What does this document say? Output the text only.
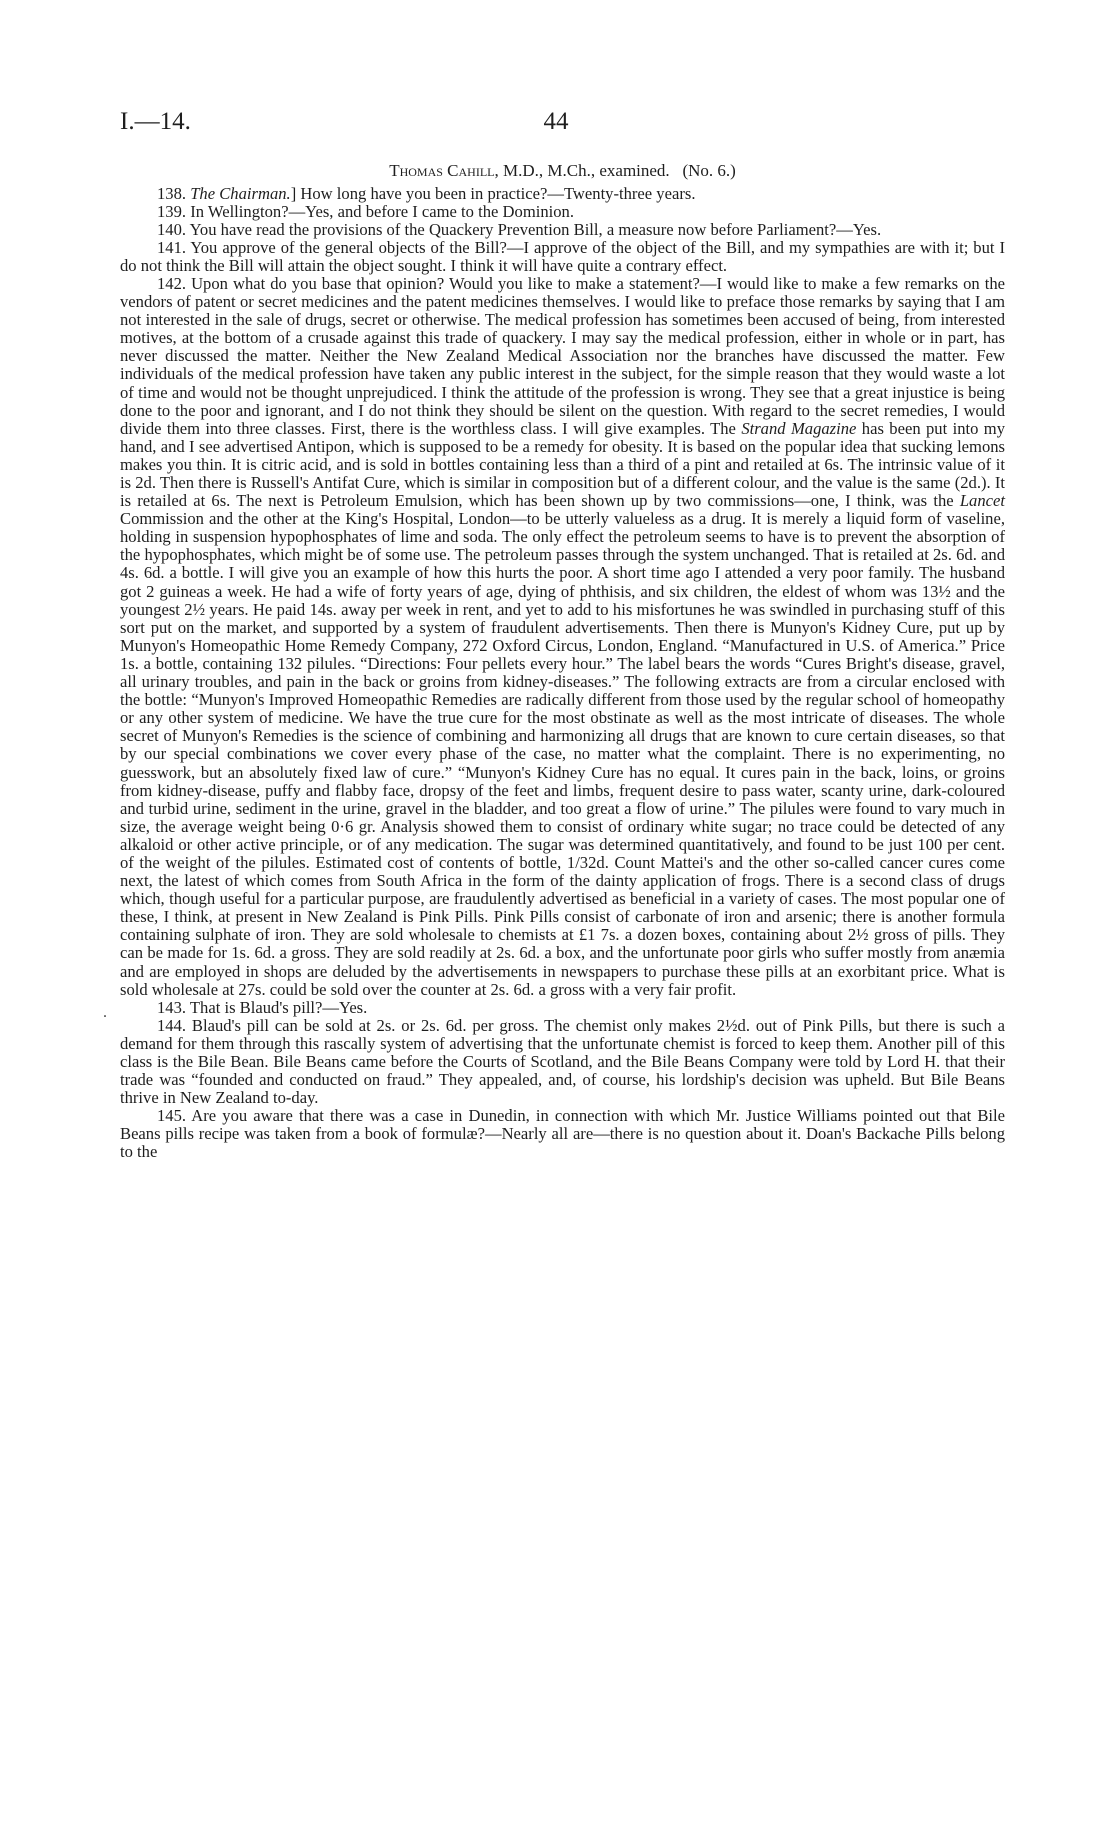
I.—14.	44
.

Thomas Cahill, M.D., M.Ch., examined. (No. 6.)

138. The Chairman.] How long have you been in practice?—Twenty-three years.

139. In Wellington?—Yes, and before I came to the Dominion.

140. You have read the provisions of the Quackery Prevention Bill, a measure now before Parliament?—Yes.

141. You approve of the general objects of the Bill?—I approve of the object of the Bill, and my sympathies are with it; but I do not think the Bill will attain the object sought. I think it will have quite a contrary effect.

142. Upon what do you base that opinion? Would you like to make a statement?—I would like to make a few remarks on the vendors of patent or secret medicines and the patent medicines themselves. I would like to preface those remarks by saying that I am not interested in the sale of drugs, secret or otherwise. The medical profession has sometimes been accused of being, from interested motives, at the bottom of a crusade against this trade of quackery. I may say the medical profession, either in whole or in part, has never discussed the matter. Neither the New Zealand Medical Association nor the branches have discussed the matter. Few individuals of the medical profession have taken any public interest in the subject, for the simple reason that they would waste a lot of time and would not be thought unprejudiced. I think the attitude of the profession is wrong. They see that a great injustice is being done to the poor and ignorant, and I do not think they should be silent on the question. With regard to the secret remedies, I would divide them into three classes. First, there is the worthless class. I will give examples. The Strand Magazine has been put into my hand, and I see advertised Antipon, which is supposed to be a remedy for obesity. It is based on the popular idea that sucking lemons makes you thin. It is citric acid, and is sold in bottles containing less than a third of a pint and retailed at 6s. The intrinsic value of it is 2d. Then there is Russell's Antifat Cure, which is similar in composition but of a different colour, and the value is the same (2d.). It is retailed at 6s. The next is Petroleum Emulsion, which has been shown up by two commissions—one, I think, was the Lancet Commission and the other at the King's Hospital, London—to be utterly valueless as a drug. It is merely a liquid form of vaseline, holding in suspension hypophosphates of lime and soda. The only effect the petroleum seems to have is to prevent the absorption of the hypophosphates, which might be of some use. The petroleum passes through the system unchanged. That is retailed at 2s. 6d. and 4s. 6d. a bottle. I will give you an example of how this hurts the poor. A short time ago I attended a very poor family. The husband got 2 guineas a week. He had a wife of forty years of age, dying of phthisis, and six children, the eldest of whom was 13½ and the youngest 2½ years. He paid 14s. away per week in rent, and yet to add to his misfortunes he was swindled in purchasing stuff of this sort put on the market, and supported by a system of fraudulent advertisements. Then there is Munyon's Kidney Cure, put up by Munyon's Homeopathic Home Remedy Company, 272 Oxford Circus, London, England. “Manufactured in U.S. of America.” Price 1s. a bottle, containing 132 pilules. “Directions: Four pellets every hour.” The label bears the words “Cures Bright's disease, gravel, all urinary troubles, and pain in the back or groins from kidney-diseases.” The following extracts are from a circular enclosed with the bottle: “Munyon's Improved Homeopathic Remedies are radically different from those used by the regular school of homeopathy or any other system of medicine. We have the true cure for the most obstinate as well as the most intricate of diseases. The whole secret of Munyon's Remedies is the science of combining and harmonizing all drugs that are known to cure certain diseases, so that by our special combinations we cover every phase of the case, no matter what the complaint. There is no experimenting, no guesswork, but an absolutely fixed law of cure.” “Munyon's Kidney Cure has no equal. It cures pain in the back, loins, or groins from kidney-disease, puffy and flabby face, dropsy of the feet and limbs, frequent desire to pass water, scanty urine, dark-coloured and turbid urine, sediment in the urine, gravel in the bladder, and too great a flow of urine.” The pilules were found to vary much in size, the average weight being 0·6 gr. Analysis showed them to consist of ordinary white sugar; no trace could be detected of any alkaloid or other active principle, or of any medication. The sugar was determined quantitatively, and found to be just 100 per cent. of the weight of the pilules. Estimated cost of contents of bottle, 1/32d. Count Mattei's and the other so-called cancer cures come next, the latest of which comes from South Africa in the form of the dainty application of frogs. There is a second class of drugs which, though useful for a particular purpose, are fraudulently advertised as beneficial in a variety of cases. The most popular one of these, I think, at present in New Zealand is Pink Pills. Pink Pills consist of carbonate of iron and arsenic; there is another formula containing sulphate of iron. They are sold wholesale to chemists at £1 7s. a dozen boxes, containing about 2½ gross of pills. They can be made for 1s. 6d. a gross. They are sold readily at 2s. 6d. a box, and the unfortunate poor girls who suffer mostly from anæmia and are employed in shops are deluded by the advertisements in newspapers to purchase these pills at an exorbitant price. What is sold wholesale at 27s. could be sold over the counter at 2s. 6d. a gross with a very fair profit.

143. That is Blaud's pill?—Yes.

144. Blaud's pill can be sold at 2s. or 2s. 6d. per gross. The chemist only makes 2½d. out of Pink Pills, but there is such a demand for them through this rascally system of advertising that the unfortunate chemist is forced to keep them. Another pill of this class is the Bile Bean. Bile Beans came before the Courts of Scotland, and the Bile Beans Company were told by Lord H. that their trade was “founded and conducted on fraud.” They appealed, and, of course, his lordship's decision was upheld. But Bile Beans thrive in New Zealand to-day.

145. Are you aware that there was a case in Dunedin, in connection with which Mr. Justice Williams pointed out that Bile Beans pills recipe was taken from a book of formulæ?—Nearly all are—there is no question about it. Doan's Backache Pills belong to the
